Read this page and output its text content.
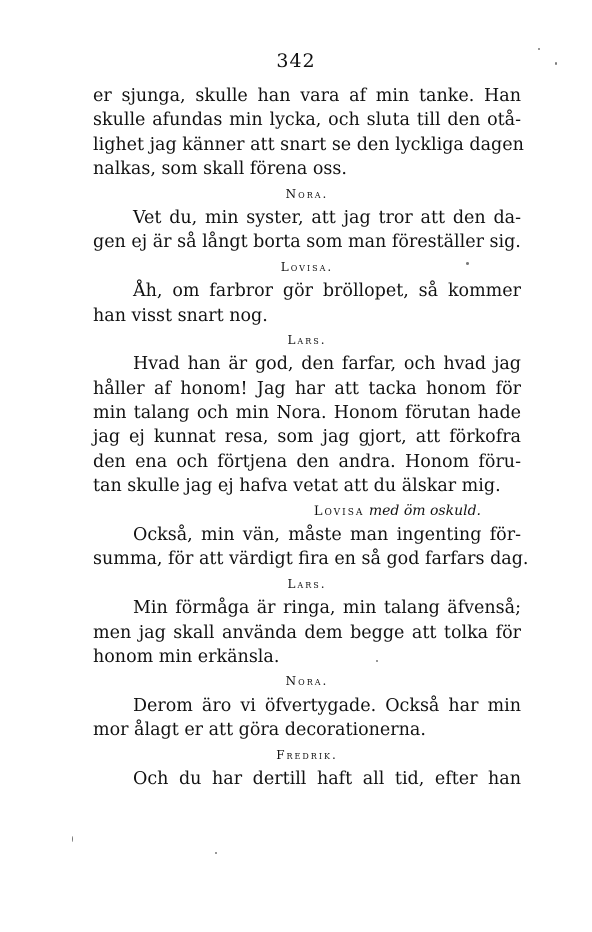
342
er sjunga, skulle han vara af min tanke. Han
skulle afundas min lycka, och sluta till den otå-
lighet jag känner att snart se den lyckliga dagen
nalkas, som skall förena oss.
Nora.
Vet du, min syster, att jag tror att den da-
gen ej är så långt borta som man föreställer sig.
Lovisa.
Åh, om farbror gör bröllopet, så kommer
han visst snart nog.
Lars.
Hvad han är god, den farfar, och hvad jag
håller af honom! Jag har att tacka honom för
min talang och min Nora. Honom förutan hade
jag ej kunnat resa, som jag gjort, att förkofra
den ena och förtjena den andra. Honom föru-
tan skulle jag ej hafva vetat att du älskar mig.
Lovisa med öm oskuld.
Också, min vän, måste man ingenting för-
summa, för att värdigt fira en så god farfars dag.
Lars.
Min förmåga är ringa, min talang äfvenså;
men jag skall använda dem begge att tolka för
honom min erkänsla.
Nora.
Derom äro vi öfvertygade. Också har min
mor ålagt er att göra decorationerna.
Fredrik.
Och du har dertill haft all tid, efter han
